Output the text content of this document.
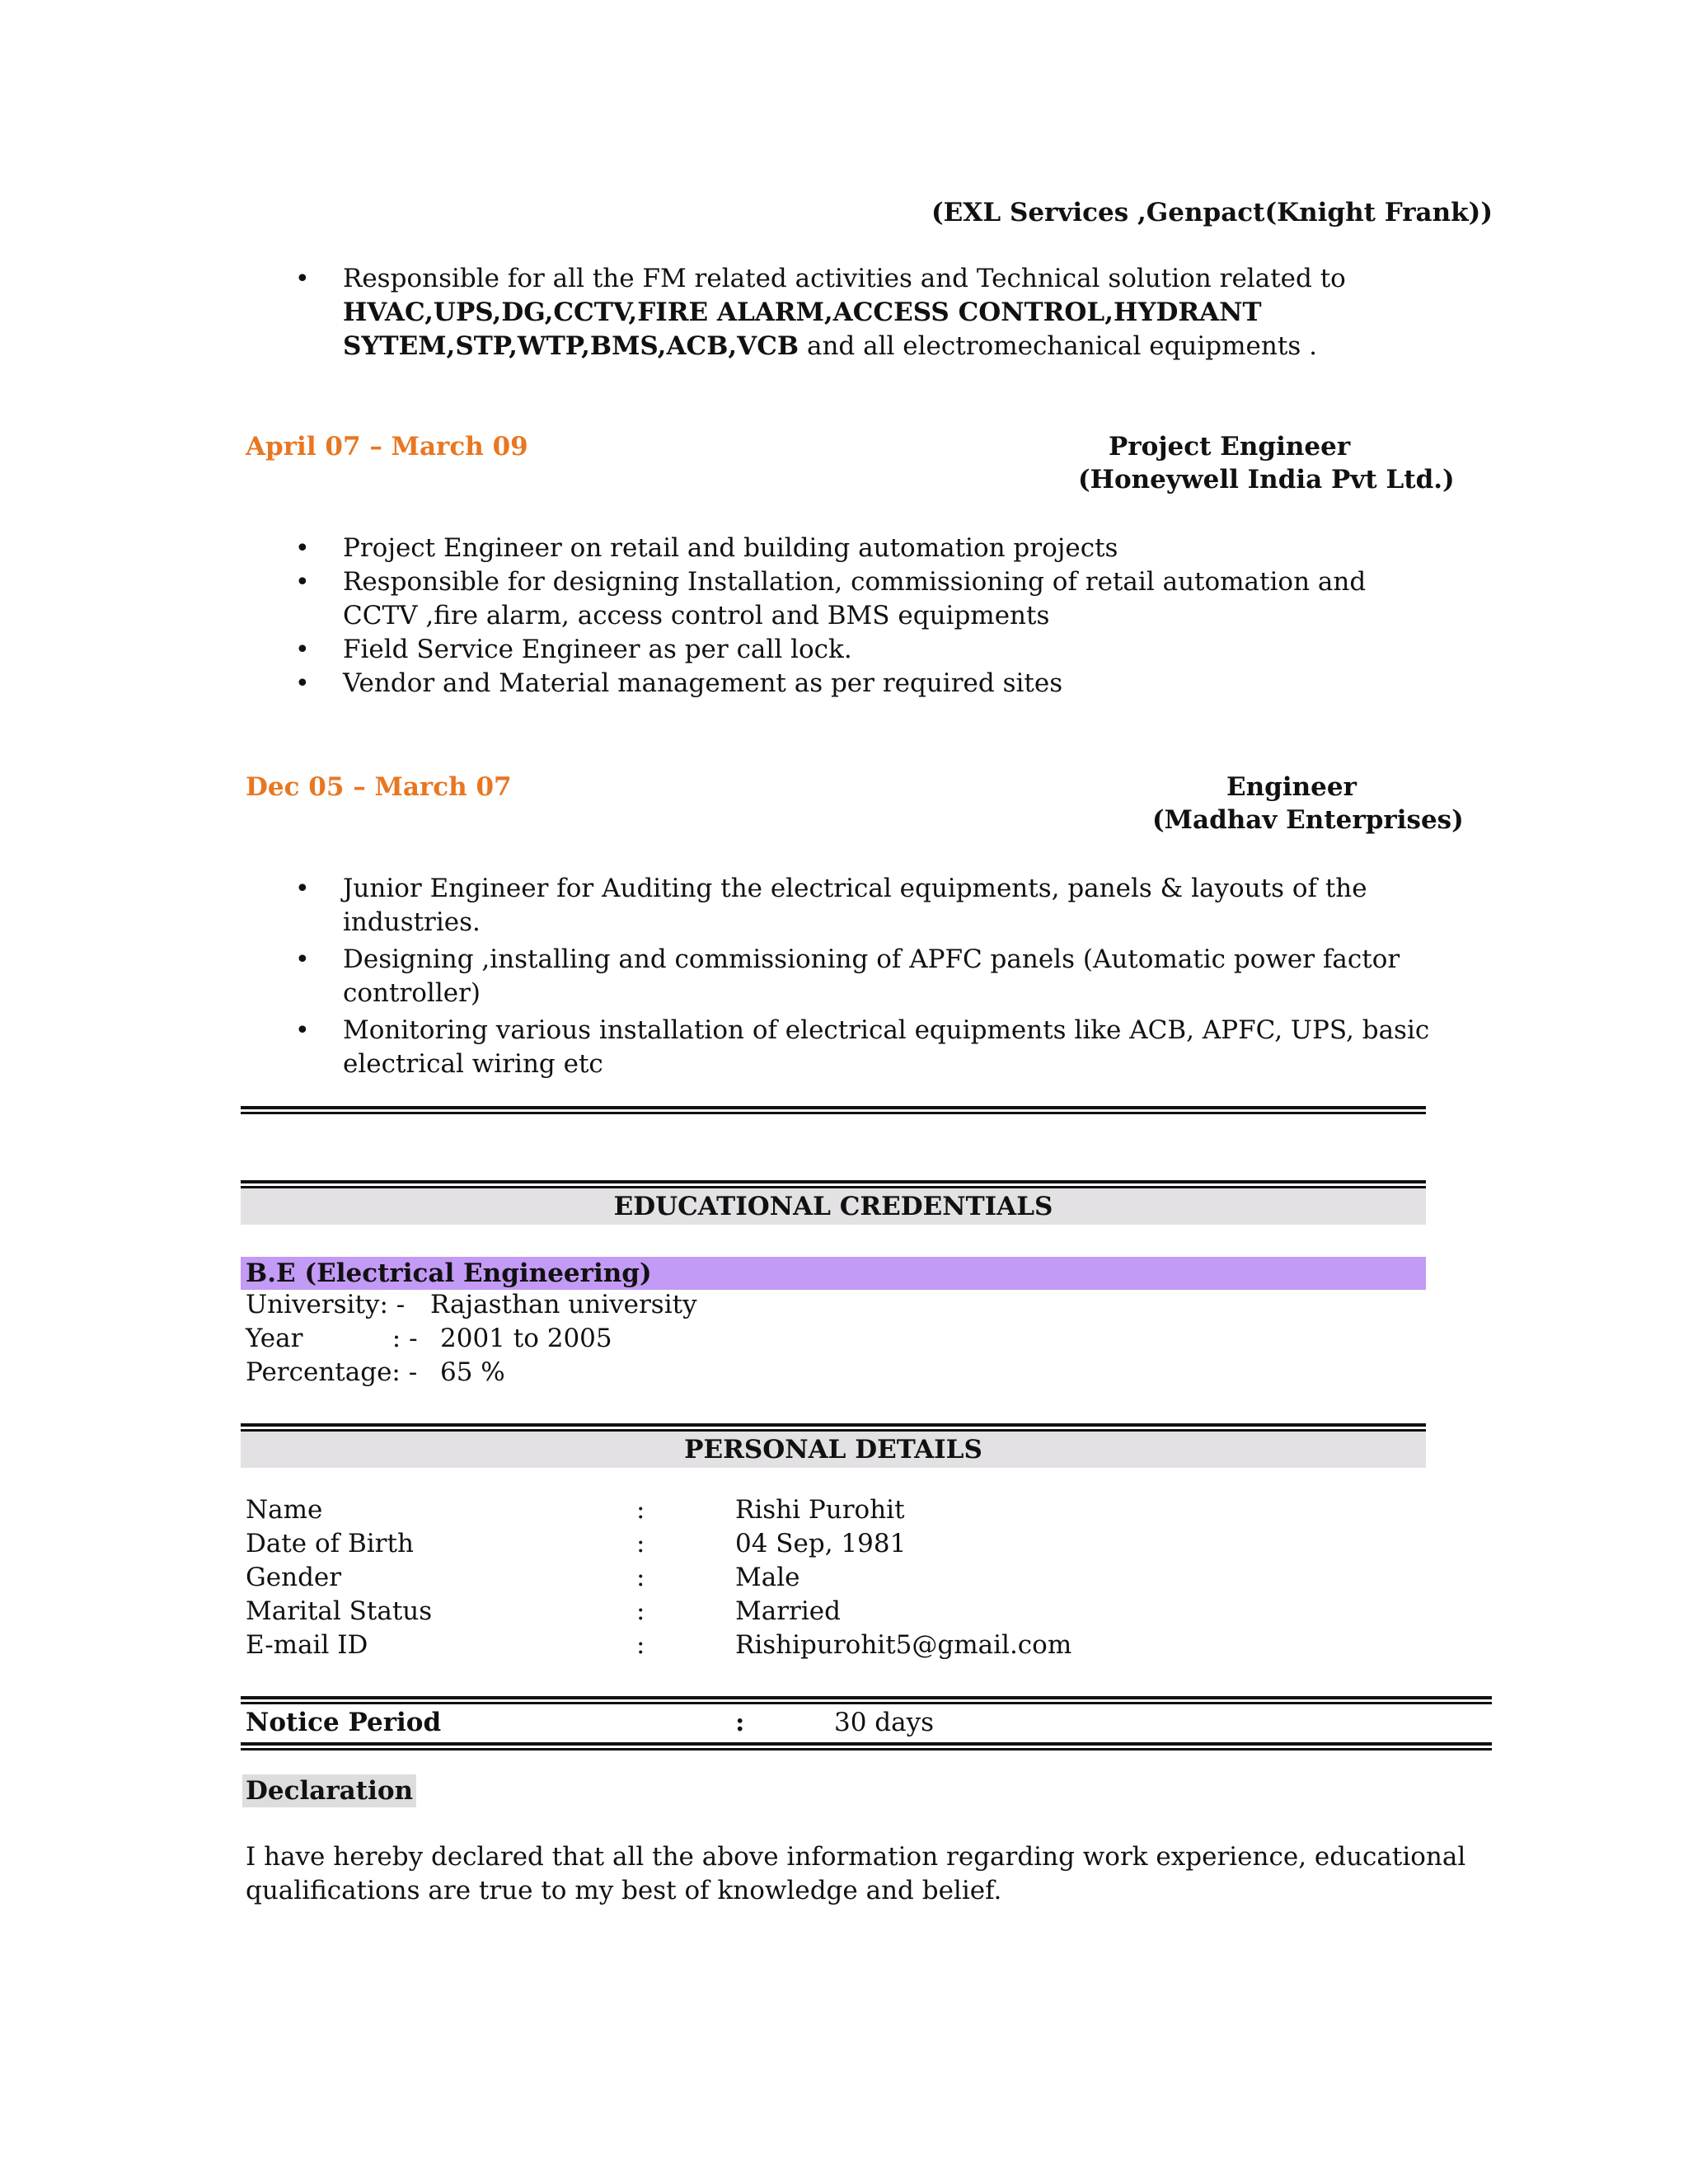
(EXL Services ,Genpact(Knight Frank))
• Responsible for all the FM related activities and Technical solution related to
HVAC,UPS,DG,CCTV,FIRE ALARM,ACCESS CONTROL,HYDRANT
SYTEM,STP,WTP,BMS,ACB,VCB and all electromechanical equipments .
April 07 – March 09	Project Engineer
(Honeywell India Pvt Ltd.)
• Project Engineer on retail and building automation projects
• Responsible for designing Installation, commissioning of retail automation and CCTV ,fire alarm, access control and BMS equipments
• Field Service Engineer as per call lock.
• Vendor and Material management as per required sites
Dec 05 – March 07	Engineer
(Madhav Enterprises)
• Junior Engineer for Auditing the electrical equipments, panels & layouts of the industries.
• Designing ,installing and commissioning of APFC panels (Automatic power factor controller)
• Monitoring various installation of electrical equipments like ACB, APFC, UPS, basic electrical wiring etc
EDUCATIONAL CREDENTIALS
B.E (Electrical Engineering)
University: - Rajasthan university
Year           : - 2001 to 2005
Percentage: - 65 %
PERSONAL DETAILS
Name	:	Rishi Purohit
Date of Birth	:	04 Sep, 1981
Gender	:	Male
Marital Status	:	Married
E-mail ID	:	Rishipurohit5@gmail.com
Notice Period	:	30 days
Declaration
I have hereby declared that all the above information regarding work experience, educational
qualifications are true to my best of knowledge and belief.
